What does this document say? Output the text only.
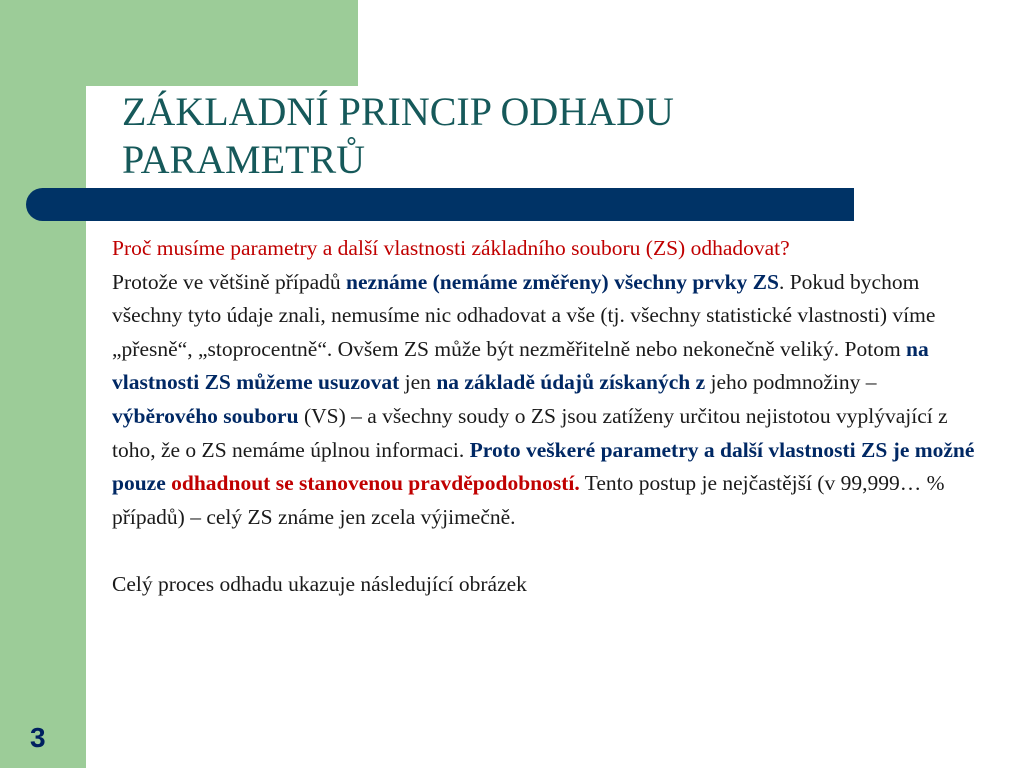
ZÁKLADNÍ PRINCIP ODHADU
PARAMETRŮ

Proč musíme parametry a další vlastnosti základního souboru (ZS) odhadovat?

Protože ve většině případů neznáme (nemáme změřeny) všechny prvky ZS. Pokud bychom všechny tyto údaje znali, nemusíme nic odhadovat a vše (tj. všechny statistické vlastnosti) víme „přesně“, „stoprocentně“. Ovšem ZS může být nezměřitelně nebo nekonečně veliký. Potom na vlastnosti ZS můžeme usuzovat jen na základě údajů získaných z jeho podmnožiny – výběrového souboru (VS) – a všechny soudy o ZS jsou zatíženy určitou nejistotou vyplývající z toho, že o ZS nemáme úplnou informaci. Proto veškeré parametry a další vlastnosti ZS je možné pouze odhadnout se stanovenou pravděpodobností. Tento postup je nejčastější (v 99,999… % případů) – celý ZS známe jen zcela výjimečně.

Celý proces odhadu ukazuje následující obrázek

3
